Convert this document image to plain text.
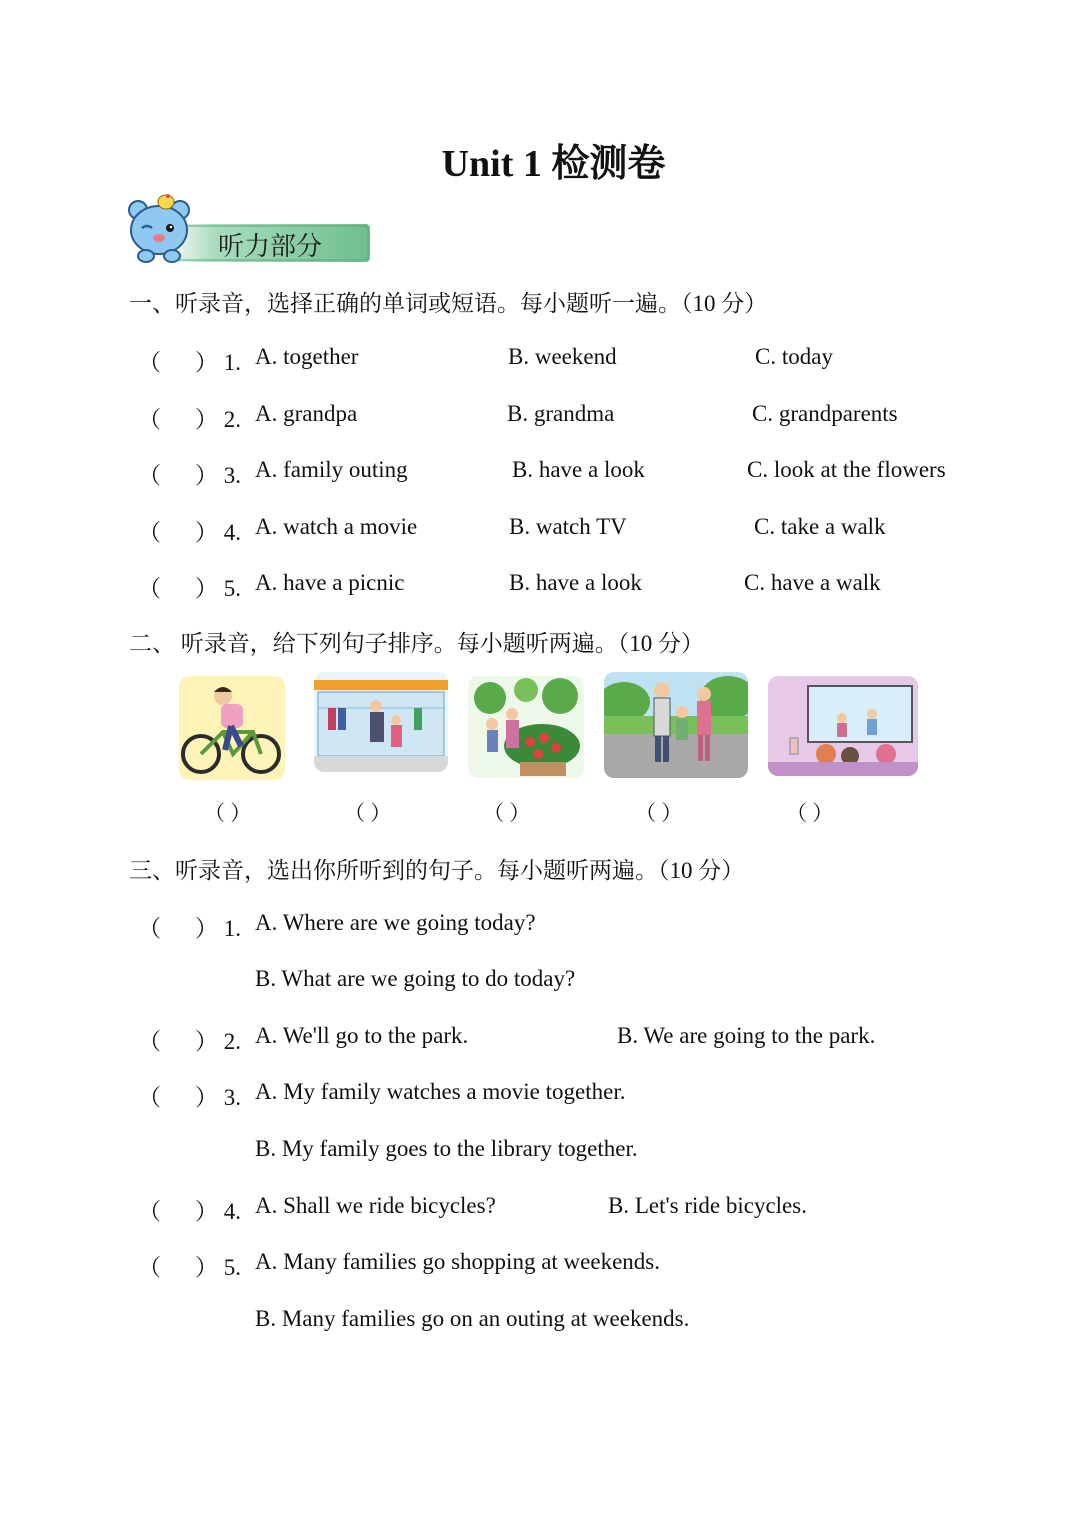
Unit 1 检测卷
听力部分
一、听录音，选择正确的单词或短语。每小题听一遍。（10 分）
（ ） 1. A. together	B. weekend	C. today
（ ） 2. A. grandpa	B. grandma	C. grandparents
（ ） 3. A. family outing	B. have a look	C. look at the flowers
（ ） 4. A. watch a movie	B. watch TV	C. take a walk
（ ） 5. A. have a picnic	B. have a look	C. have a walk
二、 听录音，给下列句子排序。每小题听两遍。（10 分）
（ ）	（ ）	（ ）	（ ）	（ ）
三、听录音，选出你所听到的句子。每小题听两遍。（10 分）
（ ） 1. A. Where are we going today?
B. What are we going to do today?
（ ） 2. A. We'll go to the park.	B. We are going to the park.
（ ） 3. A. My family watches a movie together.
B. My family goes to the library together.
（ ） 4. A. Shall we ride bicycles?	B. Let's ride bicycles.
（ ） 5. A. Many families go shopping at weekends.
B. Many families go on an outing at weekends.
